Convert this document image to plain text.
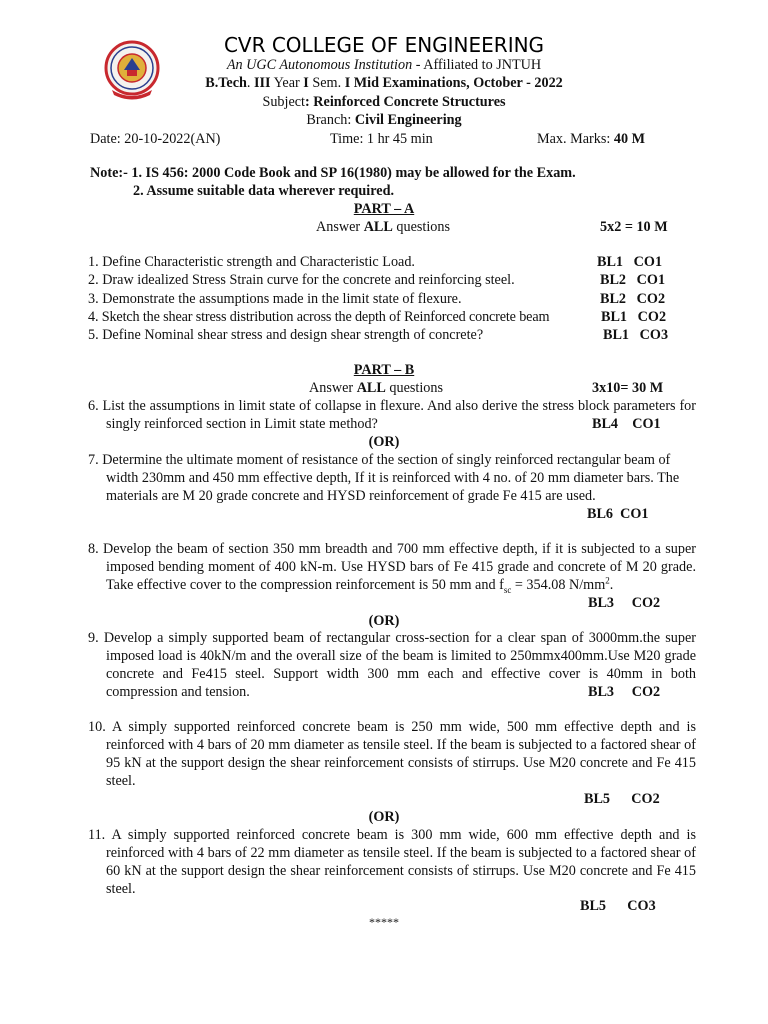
CVR COLLEGE OF ENGINEERING
An UGC Autonomous Institution - Affiliated to JNTUH
B.Tech. III Year I Sem. I Mid Examinations, October - 2022
Subject: Reinforced Concrete Structures
Branch: Civil Engineering
Date: 20-10-2022(AN)	Time: 1 hr 45 min	Max. Marks: 40 M
Note:- 1. IS 456: 2000 Code Book and SP 16(1980) may be allowed for the Exam.
2. Assume suitable data wherever required.
PART – A
Answer ALL questions	5x2 = 10 M
1. Define Characteristic strength and Characteristic Load.	BL1   CO1
2. Draw idealized Stress Strain curve for the concrete and reinforcing steel.	BL2   CO1
3. Demonstrate the assumptions made in the limit state of flexure.	BL2   CO2
4. Sketch the shear stress distribution across the depth of Reinforced concrete beam	BL1   CO2
5. Define Nominal shear stress and design shear strength of concrete?	BL1   CO3
PART – B
Answer ALL questions	3x10= 30 M
6. List the assumptions in limit state of collapse in flexure. And also derive the stress block parameters for singly reinforced section in Limit state method?	BL4    CO1
(OR)
7. Determine the ultimate moment of resistance of the section of singly reinforced rectangular beam of width 230mm and 450 mm effective depth, If it is reinforced with 4 no. of 20 mm diameter bars. The materials are M 20 grade concrete and HYSD reinforcement of grade Fe 415 are used.
BL6  CO1
8. Develop the beam of section 350 mm breadth and 700 mm effective depth, if it is subjected to a super imposed bending moment of 400 kN-m. Use HYSD bars of Fe 415 grade and concrete of M 20 grade. Take effective cover to the compression reinforcement is 50 mm and $f_{sc} = 354.08$ $N/mm^2$.
BL3     CO2
(OR)
9. Develop a simply supported beam of rectangular cross-section for a clear span of 3000mm.the super imposed load is 40kN/m and the overall size of the beam is limited to 250mmx400mm.Use M20 grade concrete and Fe415 steel. Support width 300 mm each and effective cover is 40mm in both compression and tension.	BL3     CO2
10. A simply supported reinforced concrete beam is 250 mm wide, 500 mm effective depth and is reinforced with 4 bars of 20 mm diameter as tensile steel. If the beam is subjected to a factored shear of 95 kN at the support design the shear reinforcement consists of stirrups. Use M20 concrete and Fe 415 steel.
BL5      CO2
(OR)
11. A simply supported reinforced concrete beam is 300 mm wide, 600 mm effective depth and is reinforced with 4 bars of 22 mm diameter as tensile steel. If the beam is subjected to a factored shear of 60 kN at the support design the shear reinforcement consists of stirrups. Use M20 concrete and Fe 415 steel.
BL5      CO3
*****
